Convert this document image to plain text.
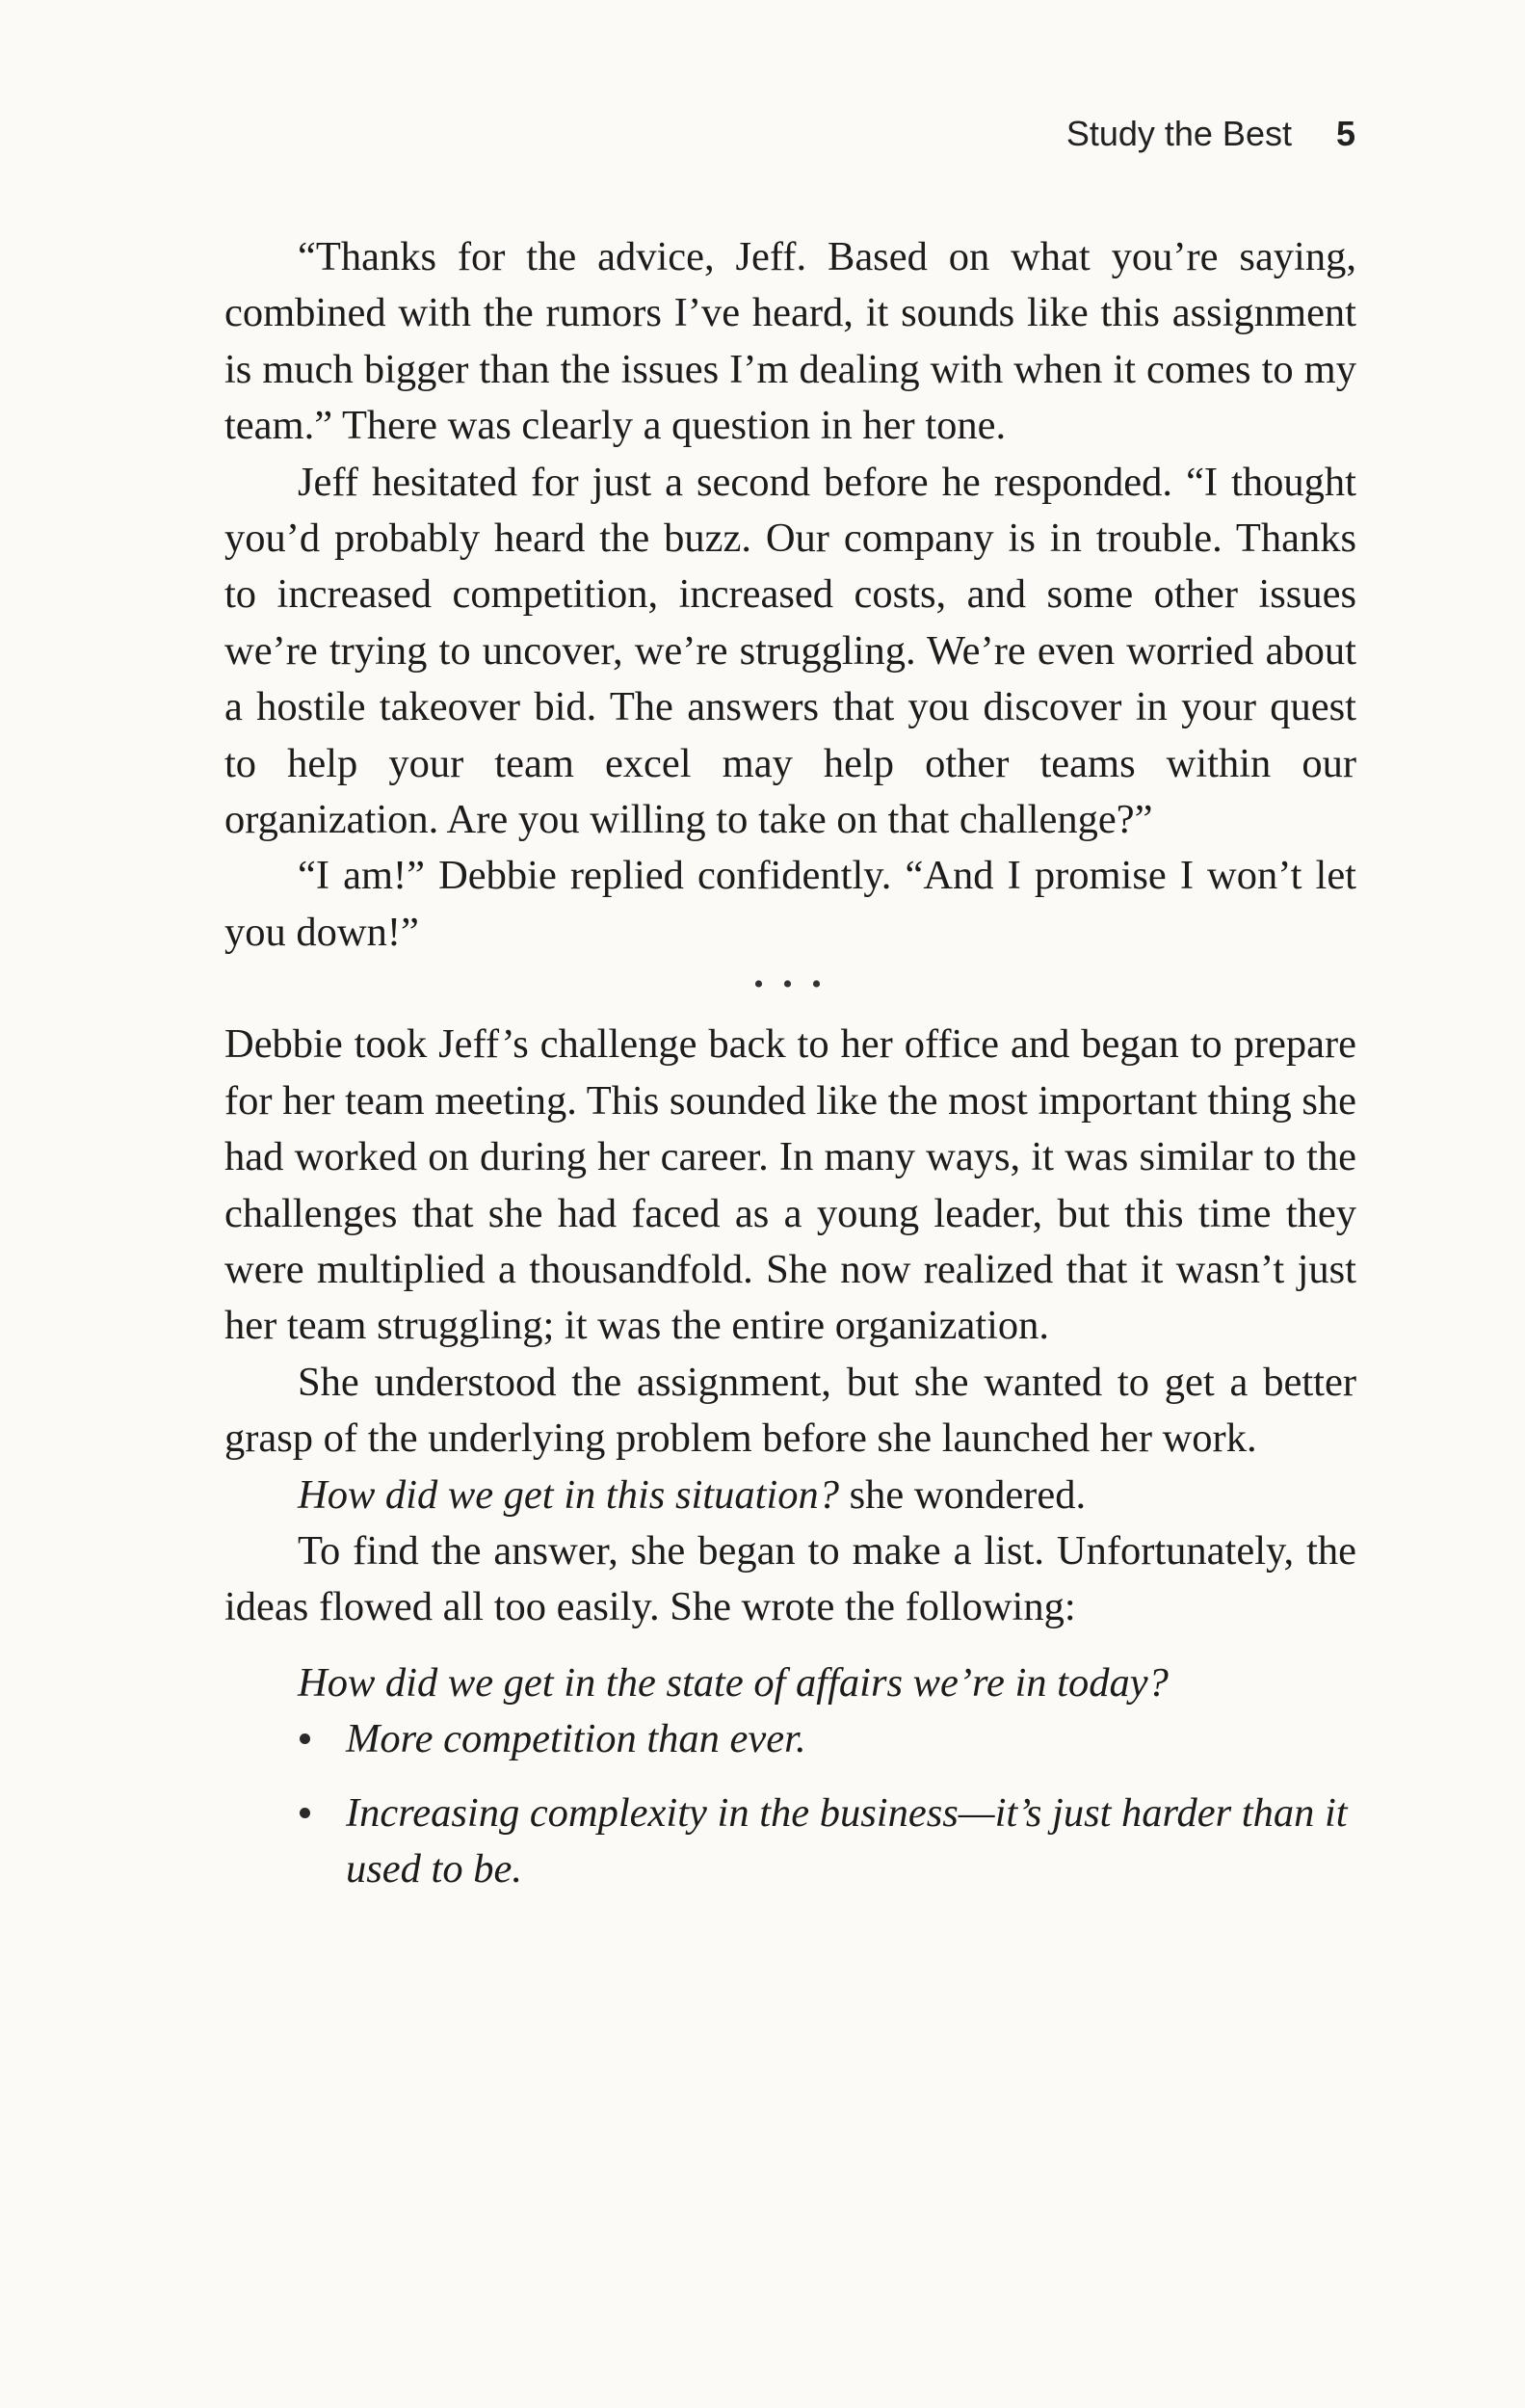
Study the Best 5

“Thanks for the advice, Jeff. Based on what you’re saying, combined with the rumors I’ve heard, it sounds like this assignment is much bigger than the issues I’m dealing with when it comes to my team.” There was clearly a question in her tone.

Jeff hesitated for just a second before he responded. “I thought you’d probably heard the buzz. Our company is in trouble. Thanks to increased competition, increased costs, and some other issues we’re trying to uncover, we’re struggling. We’re even worried about a hostile takeover bid. The answers that you discover in your quest to help your team excel may help other teams within our organization. Are you willing to take on that challenge?”

“I am!” Debbie replied confidently. “And I promise I won’t let you down!”

• • •

Debbie took Jeff’s challenge back to her office and began to prepare for her team meeting. This sounded like the most important thing she had worked on during her career. In many ways, it was similar to the challenges that she had faced as a young leader, but this time they were multiplied a thousandfold. She now realized that it wasn’t just her team struggling; it was the entire organization.

She understood the assignment, but she wanted to get a better grasp of the underlying problem before she launched her work.

How did we get in this situation? she wondered.

To find the answer, she began to make a list. Unfortunately, the ideas flowed all too easily. She wrote the following:

How did we get in the state of affairs we’re in today?

More competition than ever.
Increasing complexity in the business—it’s just harder than it used to be.
